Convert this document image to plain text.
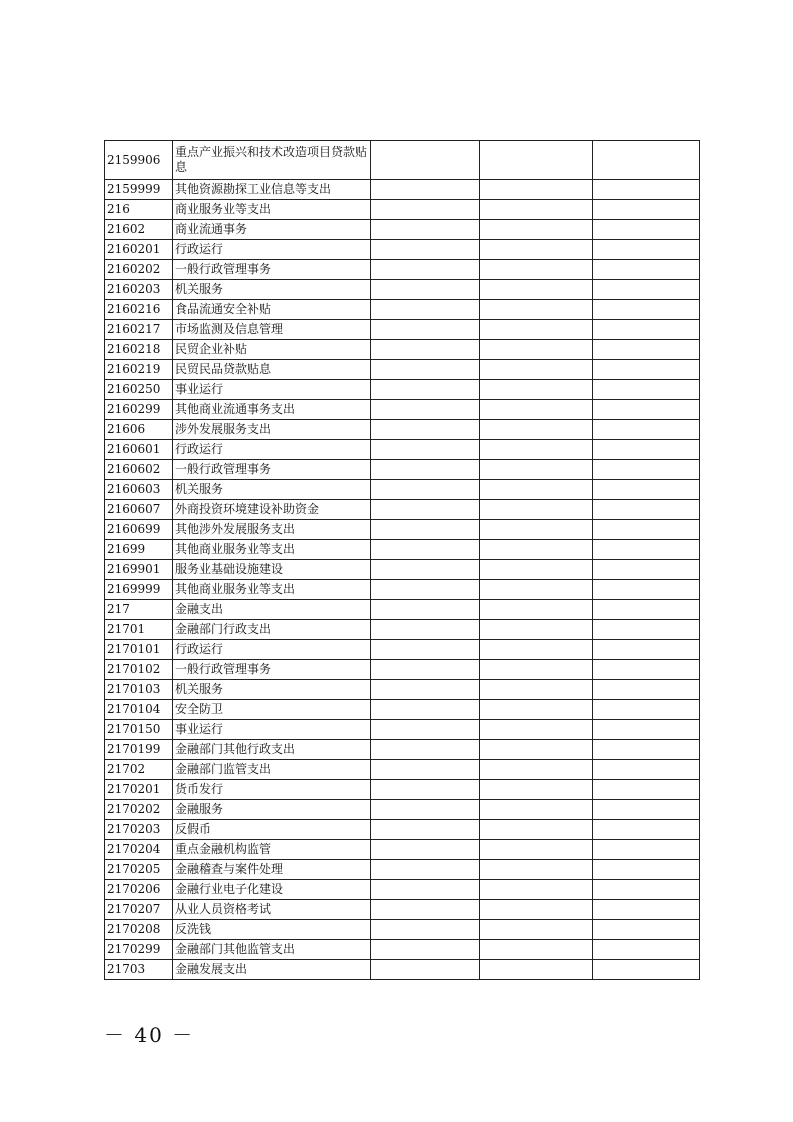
2159906	重点产业振兴和技术改造项目贷款贴息			
2159999	其他资源勘探工业信息等支出			
216	商业服务业等支出			
21602	商业流通事务			
2160201	行政运行			
2160202	一般行政管理事务			
2160203	机关服务			
2160216	食品流通安全补贴			
2160217	市场监测及信息管理			
2160218	民贸企业补贴			
2160219	民贸民品贷款贴息			
2160250	事业运行			
2160299	其他商业流通事务支出			
21606	涉外发展服务支出			
2160601	行政运行			
2160602	一般行政管理事务			
2160603	机关服务			
2160607	外商投资环境建设补助资金			
2160699	其他涉外发展服务支出			
21699	其他商业服务业等支出			
2169901	服务业基础设施建设			
2169999	其他商业服务业等支出			
217	金融支出			
21701	金融部门行政支出			
2170101	行政运行			
2170102	一般行政管理事务			
2170103	机关服务			
2170104	安全防卫			
2170150	事业运行			
2170199	金融部门其他行政支出			
21702	金融部门监管支出			
2170201	货币发行			
2170202	金融服务			
2170203	反假币			
2170204	重点金融机构监管			
2170205	金融稽查与案件处理			
2170206	金融行业电子化建设			
2170207	从业人员资格考试			
2170208	反洗钱			
2170299	金融部门其他监管支出			
21703	金融发展支出			
－ 40 －
